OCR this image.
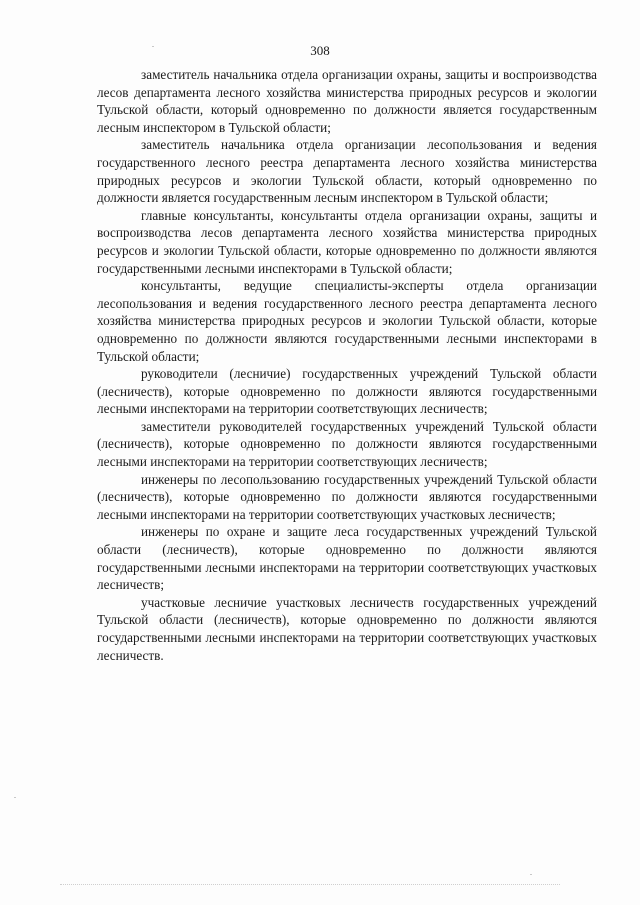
308

заместитель начальника отдела организации охраны, защиты и воспроизводства лесов департамента лесного хозяйства министерства природных ресурсов и экологии Тульской области, который одновременно по должности является государственным лесным инспектором в Тульской области;

заместитель начальника отдела организации лесопользования и ведения государственного лесного реестра департамента лесного хозяйства министерства природных ресурсов и экологии Тульской области, который одновременно по должности является государственным лесным инспектором в Тульской области;

главные консультанты, консультанты отдела организации охраны, защиты и воспроизводства лесов департамента лесного хозяйства министерства природных ресурсов и экологии Тульской области, которые одновременно по должности являются государственными лесными инспекторами в Тульской области;

консультанты, ведущие специалисты-эксперты отдела организации лесопользования и ведения государственного лесного реестра департамента лесного хозяйства министерства природных ресурсов и экологии Тульской области, которые одновременно по должности являются государственными лесными инспекторами в Тульской области;

руководители (лесничие) государственных учреждений Тульской области (лесничеств), которые одновременно по должности являются государственными лесными инспекторами на территории соответствующих лесничеств;

заместители руководителей государственных учреждений Тульской области (лесничеств), которые одновременно по должности являются государственными лесными инспекторами на территории соответствующих лесничеств;

инженеры по лесопользованию государственных учреждений Тульской области (лесничеств), которые одновременно по должности являются государственными лесными инспекторами на территории соответствующих участковых лесничеств;

инженеры по охране и защите леса государственных учреждений Тульской области (лесничеств), которые одновременно по должности являются государственными лесными инспекторами на территории соответствующих участковых лесничеств;

участковые лесничие участковых лесничеств государственных учреждений Тульской области (лесничеств), которые одновременно по должности являются государственными лесными инспекторами на территории соответствующих участковых лесничеств.
